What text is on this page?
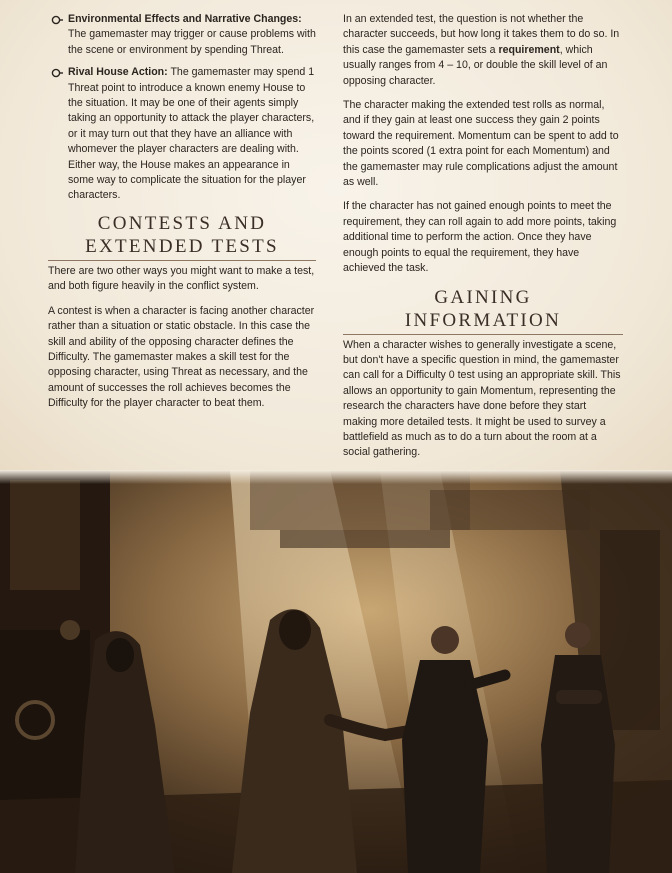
Environmental Effects and Narrative Changes: The gamemaster may trigger or cause problems with the scene or environment by spending Threat.
Rival House Action: The gamemaster may spend 1 Threat point to introduce a known enemy House to the situation. It may be one of their agents simply taking an opportunity to attack the player characters, or it may turn out that they have an alliance with whomever the player characters are dealing with. Either way, the House makes an appearance in some way to complicate the situation for the player characters.
CONTESTS AND
EXTENDED TESTS

There are two other ways you might want to make a test, and both figure heavily in the conflict system.

A contest is when a character is facing another character rather than a situation or static obstacle. In this case the skill and ability of the opposing character defines the Difficulty. The gamemaster makes a skill test for the opposing character, using Threat as necessary, and the amount of successes the roll achieves becomes the Difficulty for the player character to beat them.

In an extended test, the question is not whether the character succeeds, but how long it takes them to do so. In this case the gamemaster sets a requirement, which usually ranges from 4 – 10, or double the skill level of an opposing character.

The character making the extended test rolls as normal, and if they gain at least one success they gain 2 points toward the requirement. Momentum can be spent to add to the points scored (1 extra point for each Momentum) and the gamemaster may rule complications adjust the amount as well.

If the character has not gained enough points to meet the requirement, they can roll again to add more points, taking additional time to perform the action. Once they have enough points to equal the requirement, they have achieved the task.

GAINING
INFORMATION

When a character wishes to generally investigate a scene, but don't have a specific question in mind, the gamemaster can call for a Difficulty 0 test using an appropriate skill. This allows an opportunity to gain Momentum, representing the research the characters have done before they start making more detailed tests. It might be used to survey a battlefield as much as to do a turn about the room at a social gathering.
